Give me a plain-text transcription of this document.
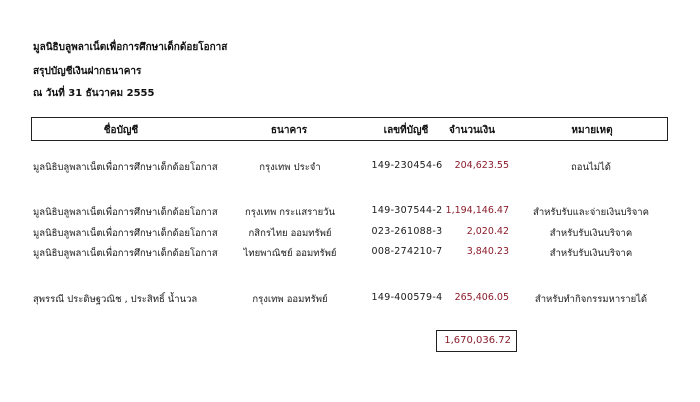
มูลนิธิบลูพลาเน็ตเพื่อการศึกษาเด็กด้อยโอกาส
สรุปบัญชีเงินฝากธนาคาร
ณ วันที่ 31 ธันวาคม 2555
ชื่อบัญชี	ธนาคาร	เลขที่บัญชี จำนวนเงิน	หมายเหตุ
มูลนิธิบลูพลาเน็ตเพื่อการศึกษาเด็กด้อยโอกาส	กรุงเทพ ประจำ	149-230454-6 204,623.55	ถอนไม่ได้
มูลนิธิบลูพลาเน็ตเพื่อการศึกษาเด็กด้อยโอกาส	กรุงเทพ กระแสรายวัน	149-307544-2 1,194,146.47	สำหรับรับและจ่ายเงินบริจาค
มูลนิธิบลูพลาเน็ตเพื่อการศึกษาเด็กด้อยโอกาส	กสิกรไทย ออมทรัพย์	023-261088-3	2,020.42	สำหรับรับเงินบริจาค
มูลนิธิบลูพลาเน็ตเพื่อการศึกษาเด็กด้อยโอกาส	ไทยพาณิชย์ ออมทรัพย์	008-274210-7	3,840.23	สำหรับรับเงินบริจาค
สุพรรณี ประดิษฐวณิช , ประสิทธิ์ น้ำนวล	กรุงเทพ ออมทรัพย์	149-400579-4 265,406.05	สำหรับทำกิจกรรมหารายได้
1,670,036.72
